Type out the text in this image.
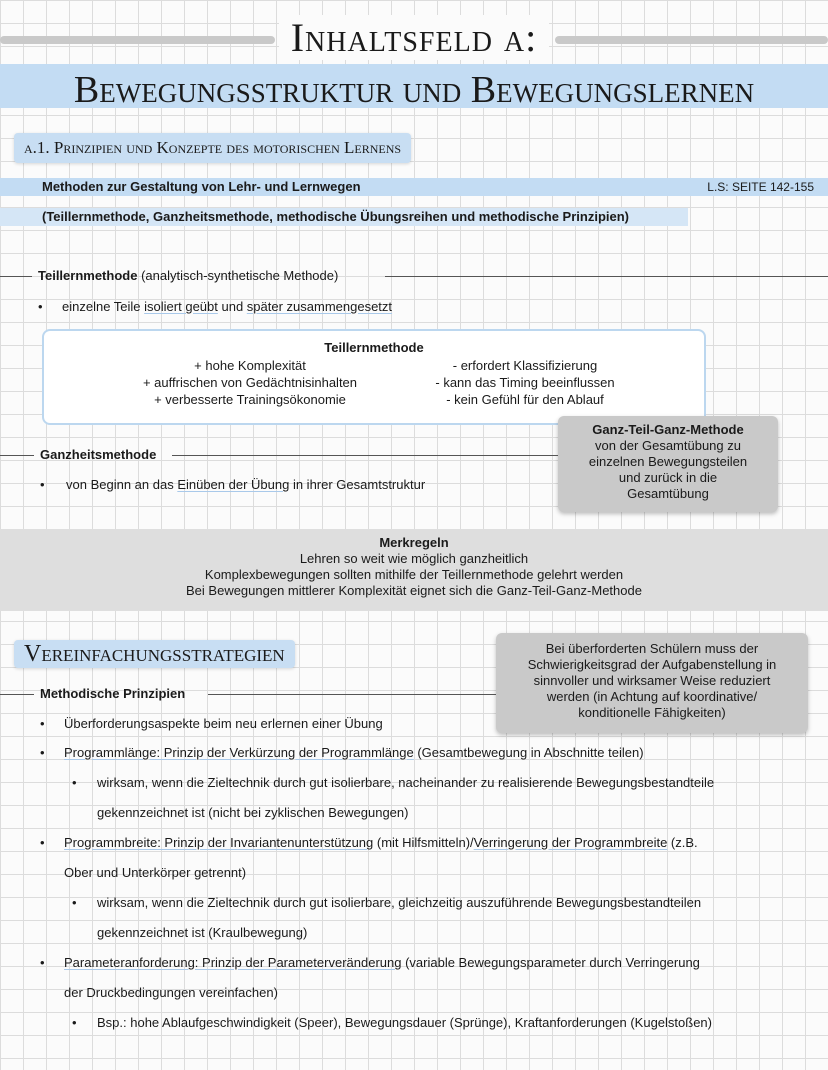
Inhaltsfeld a:
Bewegungsstruktur und Bewegungslernen
a.1. Prinzipien und Konzepte des motorischen Lernens
Methoden zur Gestaltung von Lehr- und Lernwegen	L.S: SEITE 142-155
(Teillernmethode, Ganzheitsmethode, methodische Übungsreihen und methodische Prinzipien)
Teillernmethode (analytisch-synthetische Methode)
• einzelne Teile isoliert geübt und später zusammengesetzt
Teillernmethode
+ hohe Komplexität
+ auffrischen von Gedächtnisinhalten
+ verbesserte Trainingsökonomie
- erfordert Klassifizierung
- kann das Timing beeinflussen
- kein Gefühl für den Ablauf
Ganz-Teil-Ganz-Methode
von der Gesamtübung zu
einzelnen Bewegungsteilen
und zurück in die
Gesamtübung
Ganzheitsmethode
• von Beginn an das Einüben der Übung in ihrer Gesamtstruktur
Merkregeln
Lehren so weit wie möglich ganzheitlich
Komplexbewegungen sollten mithilfe der Teillernmethode gelehrt werden
Bei Bewegungen mittlerer Komplexität eignet sich die Ganz-Teil-Ganz-Methode
Vereinfachungsstrategien	Bei überforderten Schülern muss der
Schwierigkeitsgrad der Aufgabenstellung in
sinnvoller und wirksamer Weise reduziert
werden (in Achtung auf koordinative/
konditionelle Fähigkeiten)
Methodische Prinzipien
• Überforderungsaspekte beim neu erlernen einer Übung
• Programmlänge: Prinzip der Verkürzung der Programmlänge (Gesamtbewegung in Abschnitte teilen)
• wirksam, wenn die Zieltechnik durch gut isolierbare, nacheinander zu realisierende Bewegungsbestandteile
gekennzeichnet ist (nicht bei zyklischen Bewegungen)
• Programmbreite: Prinzip der Invariantenunterstützung (mit Hilfsmitteln)/Verringerung der Programmbreite (z.B.
Ober und Unterkörper getrennt)
• wirksam, wenn die Zieltechnik durch gut isolierbare, gleichzeitig auszuführende Bewegungsbestandteilen
gekennzeichnet ist (Kraulbewegung)
• Parameteranforderung: Prinzip der Parameterveränderung (variable Bewegungsparameter durch Verringerung
der Druckbedingungen vereinfachen)
• Bsp.: hohe Ablaufgeschwindigkeit (Speer), Bewegungsdauer (Sprünge), Kraftanforderungen (Kugelstoßen)
